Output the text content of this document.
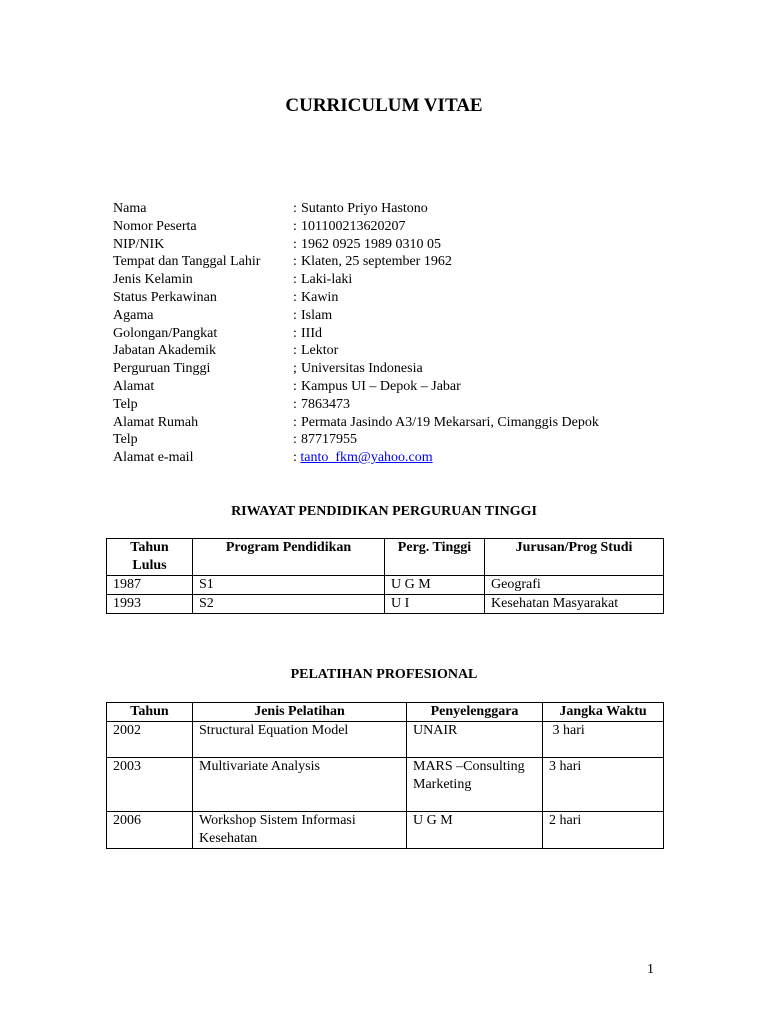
CURRICULUM VITAE
Nama	: Sutanto Priyo Hastono
Nomor Peserta	: 101100213620207
NIP/NIK	: 1962 0925 1989 0310 05
Tempat dan Tanggal Lahir	: Klaten, 25 september 1962
Jenis Kelamin	: Laki-laki
Status Perkawinan	: Kawin
Agama	: Islam
Golongan/Pangkat	: IIId
Jabatan Akademik	: Lektor
Perguruan Tinggi	; Universitas Indonesia
Alamat	: Kampus UI – Depok – Jabar
Telp	: 7863473
Alamat Rumah	: Permata Jasindo A3/19 Mekarsari, Cimanggis Depok
Telp	: 87717955
Alamat e-mail	: tanto_fkm@yahoo.com
RIWAYAT PENDIDIKAN PERGURUAN TINGGI
Tahun Lulus	Program Pendidikan	Perg. Tinggi	Jurusan/Prog Studi
1987	S1	U G M	Geografi
1993	S2	U I	Kesehatan Masyarakat
PELATIHAN PROFESIONAL
Tahun	Jenis Pelatihan	Penyelenggara	Jangka Waktu
2002	Structural Equation Model	UNAIR	3 hari
2003	Multivariate Analysis	MARS –Consulting Marketing	3 hari
2006	Workshop Sistem Informasi Kesehatan	U G M	2 hari
1
